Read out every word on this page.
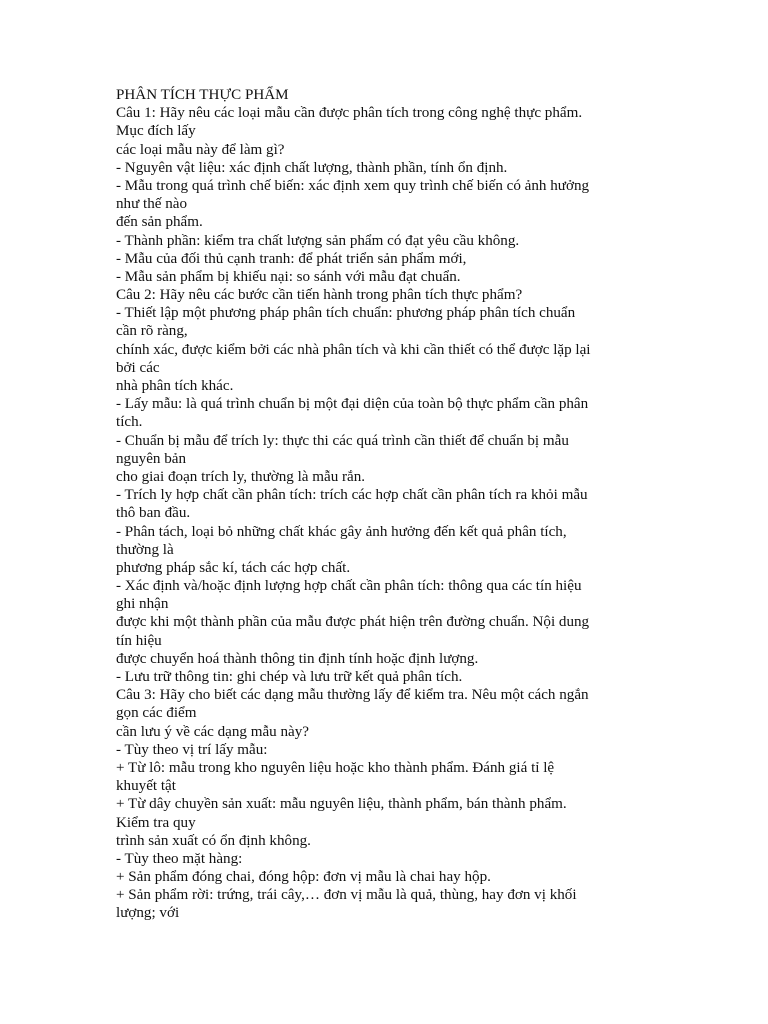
PHÂN TÍCH THỰC PHẨM
Câu 1: Hãy nêu các loại mẫu cần được phân tích trong công nghệ thực phẩm.
Mục đích lấy
các loại mẫu này để làm gì?
- Nguyên vật liệu: xác định chất lượng, thành phần, tính ổn định.
- Mẫu trong quá trình chế biến: xác định xem quy trình chế biến có ảnh hưởng
như thế nào
đến sản phẩm.
- Thành phần: kiểm tra chất lượng sản phẩm có đạt yêu cầu không.
- Mẫu của đối thủ cạnh tranh: để phát triển sản phẩm mới,
- Mẫu sản phẩm bị khiếu nại: so sánh với mẫu đạt chuẩn.
Câu 2: Hãy nêu các bước cần tiến hành trong phân tích thực phẩm?
- Thiết lập một phương pháp phân tích chuẩn: phương pháp phân tích chuẩn
cần rõ ràng,
chính xác, được kiểm bởi các nhà phân tích và khi cần thiết có thể được lặp lại
bởi các
nhà phân tích khác.
- Lấy mẫu: là quá trình chuẩn bị một đại diện của toàn bộ thực phẩm cần phân
tích.
- Chuẩn bị mẫu để trích ly: thực thi các quá trình cần thiết để chuẩn bị mẫu
nguyên bản
cho giai đoạn trích ly, thường là mẫu rắn.
- Trích ly hợp chất cần phân tích: trích các hợp chất cần phân tích ra khỏi mẫu
thô ban đầu.
- Phân tách, loại bỏ những chất khác gây ảnh hưởng đến kết quả phân tích,
thường là
phương pháp sắc kí, tách các hợp chất.
- Xác định và/hoặc định lượng hợp chất cần phân tích: thông qua các tín hiệu
ghi nhận
được khi một thành phần của mẫu được phát hiện trên đường chuẩn. Nội dung
tín hiệu
được chuyển hoá thành thông tin định tính hoặc định lượng.
- Lưu trữ thông tin: ghi chép và lưu trữ kết quả phân tích.
Câu 3: Hãy cho biết các dạng mẫu thường lấy để kiểm tra. Nêu một cách ngắn
gọn các điểm
cần lưu ý về các dạng mẫu này?
- Tùy theo vị trí lấy mẫu:
+ Từ lô: mẫu trong kho nguyên liệu hoặc kho thành phẩm. Đánh giá tỉ lệ
khuyết tật
+ Từ dây chuyền sản xuất: mẫu nguyên liệu, thành phẩm, bán thành phẩm.
Kiểm tra quy
trình sản xuất có ổn định không.
- Tùy theo mặt hàng:
+ Sản phẩm đóng chai, đóng hộp: đơn vị mẫu là chai hay hộp.
+ Sản phẩm rời: trứng, trái cây,… đơn vị mẫu là quả, thùng, hay đơn vị khối
lượng; với
